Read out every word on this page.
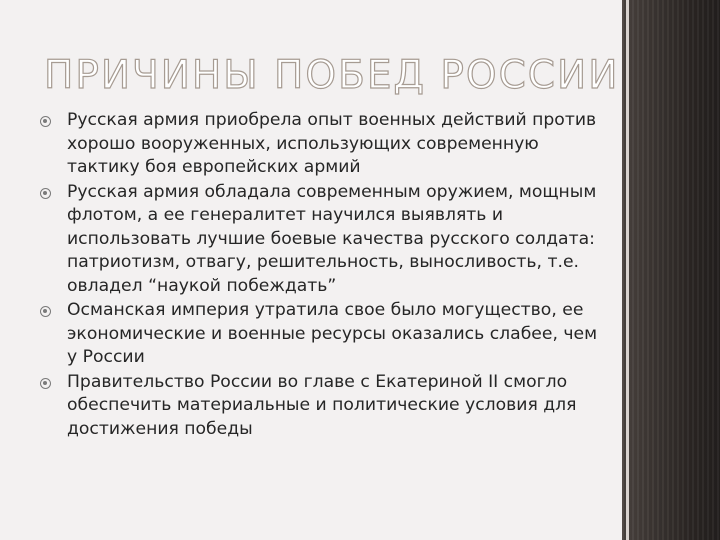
ПРИЧИНЫ ПОБЕД РОССИИ
Русская армия приобрела опыт военных действий против хорошо вооруженных, использующих современную тактику боя европейских армий
Русская армия обладала современным оружием, мощным флотом, а ее генералитет научился выявлять и использовать лучшие боевые качества русского солдата: патриотизм, отвагу, решительность, выносливость, т.е. овладел “наукой побеждать”
Османская империя утратила свое было могущество, ее экономические и военные ресурсы оказались слабее, чем у России
Правительство России во главе с Екатериной II смогло обеспечить материальные и политические условия для достижения победы
